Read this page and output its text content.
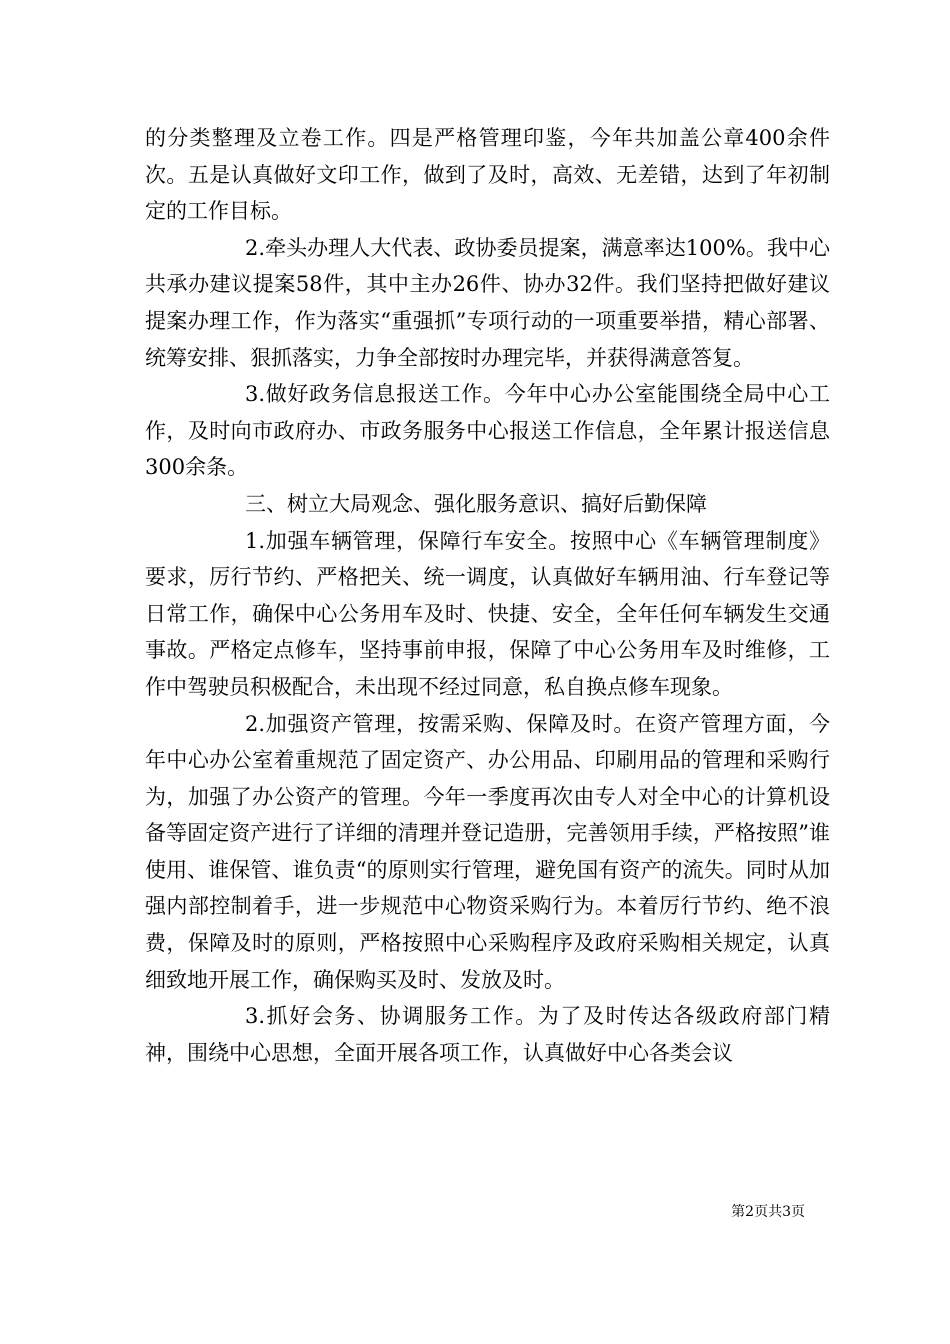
的分类整理及立卷工作。四是严格管理印鉴，今年共加盖公章400余件次。五是认真做好文印工作，做到了及时，高效、无差错，达到了年初制定的工作目标。

2.牵头办理人大代表、政协委员提案，满意率达100%。我中心共承办建议提案58件，其中主办26件、协办32件。我们坚持把做好建议提案办理工作，作为落实“重强抓”专项行动的一项重要举措，精心部署、统筹安排、狠抓落实，力争全部按时办理完毕，并获得满意答复。

3.做好政务信息报送工作。今年中心办公室能围绕全局中心工作，及时向市政府办、市政务服务中心报送工作信息，全年累计报送信息300余条。

三、树立大局观念、强化服务意识、搞好后勤保障

1.加强车辆管理，保障行车安全。按照中心《车辆管理制度》要求，厉行节约、严格把关、统一调度，认真做好车辆用油、行车登记等日常工作，确保中心公务用车及时、快捷、安全，全年任何车辆发生交通事故。严格定点修车，坚持事前申报，保障了中心公务用车及时维修，工作中驾驶员积极配合，未出现不经过同意，私自换点修车现象。

2.加强资产管理，按需采购、保障及时。在资产管理方面，今年中心办公室着重规范了固定资产、办公用品、印刷用品的管理和采购行为，加强了办公资产的管理。今年一季度再次由专人对全中心的计算机设备等固定资产进行了详细的清理并登记造册，完善领用手续，严格按照”谁使用、谁保管、谁负责“的原则实行管理，避免国有资产的流失。同时从加强内部控制着手，进一步规范中心物资采购行为。本着厉行节约、绝不浪费，保障及时的原则，严格按照中心采购程序及政府采购相关规定，认真细致地开展工作，确保购买及时、发放及时。

3.抓好会务、协调服务工作。为了及时传达各级政府部门精神，围绕中心思想，全面开展各项工作，认真做好中心各类会议

第2页共3页
